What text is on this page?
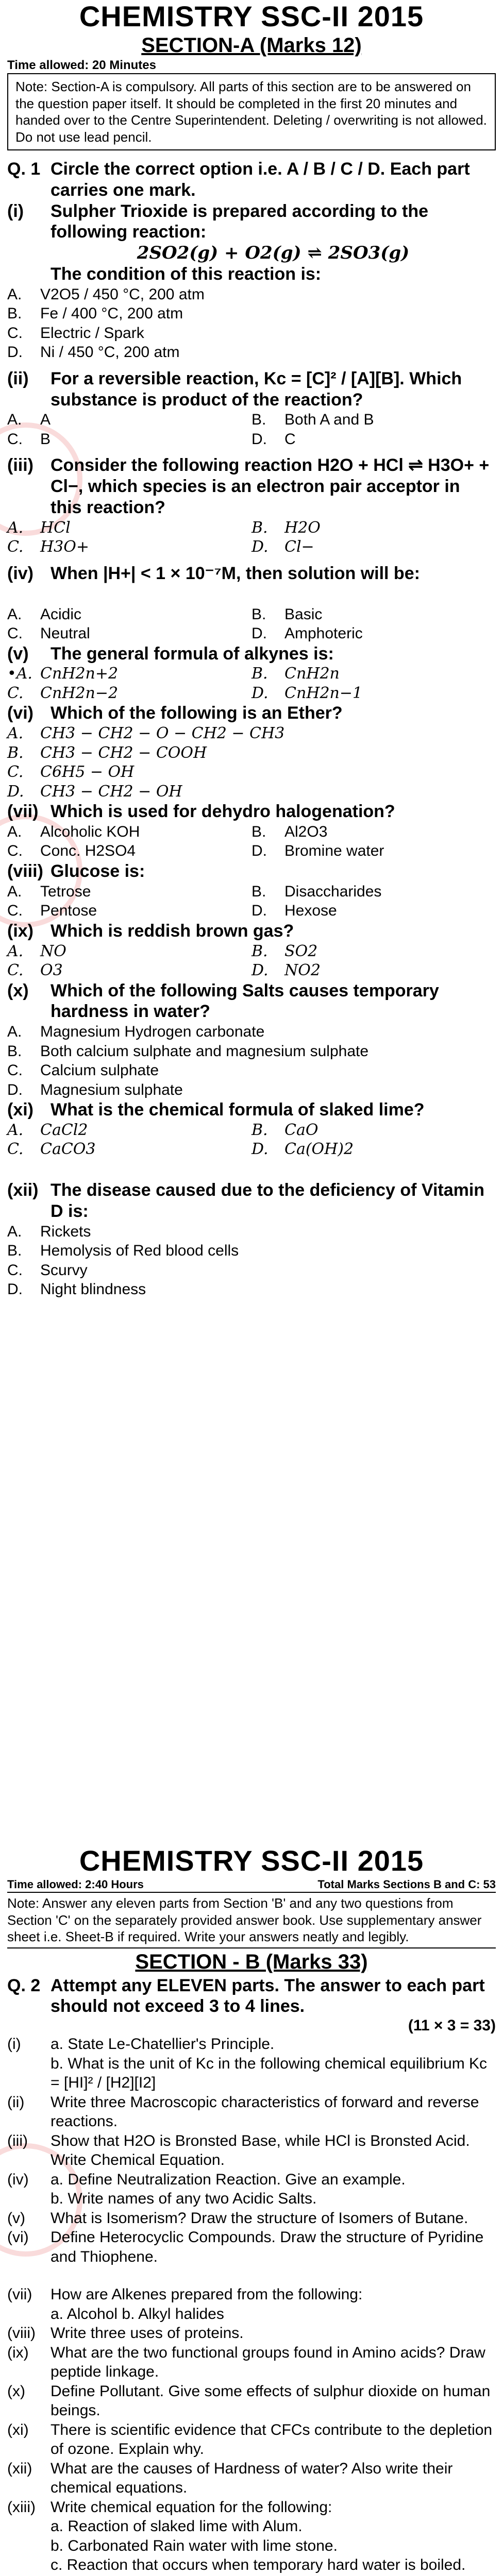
CHEMISTRY SSC-II 2015
SECTION-A (Marks 12)
Time allowed: 20 Minutes
Note: Section-A is compulsory. All parts of this section are to be answered on the question paper itself. It should be completed in the first 20 minutes and handed over to the Centre Superintendent. Deleting / overwriting is not allowed. Do not use lead pencil.
Q. 1 Circle the correct option i.e. A / B / C / D. Each part carries one mark.
(i)	Sulpher Trioxide is prepared according to the following reaction:
2SO2(g) + O2(g) ⇌ 2SO3(g)
The condition of this reaction is:
A.	V2O5 / 450 °C, 200 atm
B.	Fe / 400 °C, 200 atm
C.	Electric / Spark
D.	Ni / 450 °C, 200 atm
(ii)	For a reversible reaction, Kc = [C]² / [A][B]. Which substance is product of the reaction?
A.	A	B.	Both A and B
C.	B	D.	C
(iii) Consider the following reaction H2O + HCl ⇌ H3O+ + Cl−, which species is an electron pair acceptor in this reaction?
A.	HCl	B.	H2O
C.	H3O+	D.	Cl−
(iv) When |H+| < 1 × 10⁻⁷M, then solution will be:
A.	Acidic	B.	Basic
C.	Neutral	D.	Amphoteric
(v)	The general formula of alkynes is:
•A. CnH2n+2	B.	CnH2n
C.	CnH2n−2	D.	CnH2n−1
(vi) Which of the following is an Ether?
A.	CH3 − CH2 − O − CH2 − CH3
B.	CH3 − CH2 − COOH
C.	C6H5 − OH
D.	CH3 − CH2 − OH
(vii) Which is used for dehydro halogenation?
A.	Alcoholic KOH	B.	Al2O3
C.	Conc. H2SO4	D.	Bromine water
(viii) Glucose is:
A.	Tetrose	B.	Disaccharides
C.	Pentose	D.	Hexose
(ix) Which is reddish brown gas?
A.	NO	B.	SO2
C.	O3	D.	NO2
(x)	Which of the following Salts causes temporary hardness in water?
A.	Magnesium Hydrogen carbonate
B.	Both calcium sulphate and magnesium sulphate
C.	Calcium sulphate
D.	Magnesium sulphate
(xi) What is the chemical formula of slaked lime?
A.	CaCl2	B.	CaO
C.	CaCO3	D.	Ca(OH)2
(xii) The disease caused due to the deficiency of Vitamin D is:
A.	Rickets
B.	Hemolysis of Red blood cells
C.	Scurvy
D.	Night blindness
CHEMISTRY SSC-II 2015
Time allowed: 2:40 Hours	Total Marks Sections B and C: 53
Note: Answer any eleven parts from Section 'B' and any two questions from Section 'C' on the separately provided answer book. Use supplementary answer sheet i.e. Sheet-B if required. Write your answers neatly and legibly.
SECTION - B (Marks 33)
Q. 2 Attempt any ELEVEN parts. The answer to each part should not exceed 3 to 4 lines.
(11 × 3 = 33)
(i)	a. State Le-Chatellier's Principle.
b. What is the unit of Kc in the following chemical equilibrium Kc = [HI]² / [H2][I2]
(ii)	Write three Macroscopic characteristics of forward and reverse reactions.
(iii)	Show that H2O is Bronsted Base, while HCl is Bronsted Acid. Write Chemical Equation.
(iv)	a. Define Neutralization Reaction. Give an example.
b. Write names of any two Acidic Salts.
(v)	What is Isomerism? Draw the structure of Isomers of Butane.
(vi)	Define Heterocyclic Compounds. Draw the structure of Pyridine and Thiophene.
(vii)	How are Alkenes prepared from the following:
a. Alcohol b. Alkyl halides
(viii) Write three uses of proteins.
(ix)	What are the two functional groups found in Amino acids? Draw peptide linkage.
(x)	Define Pollutant. Give some effects of sulphur dioxide on human beings.
(xi)	There is scientific evidence that CFCs contribute to the depletion of ozone. Explain why.
(xii)	What are the causes of Hardness of water? Also write their chemical equations.
(xiii) Write chemical equation for the following:
a. Reaction of slaked lime with Alum.
b. Carbonated Rain water with lime stone.
c. Reaction that occurs when temporary hard water is boiled.
